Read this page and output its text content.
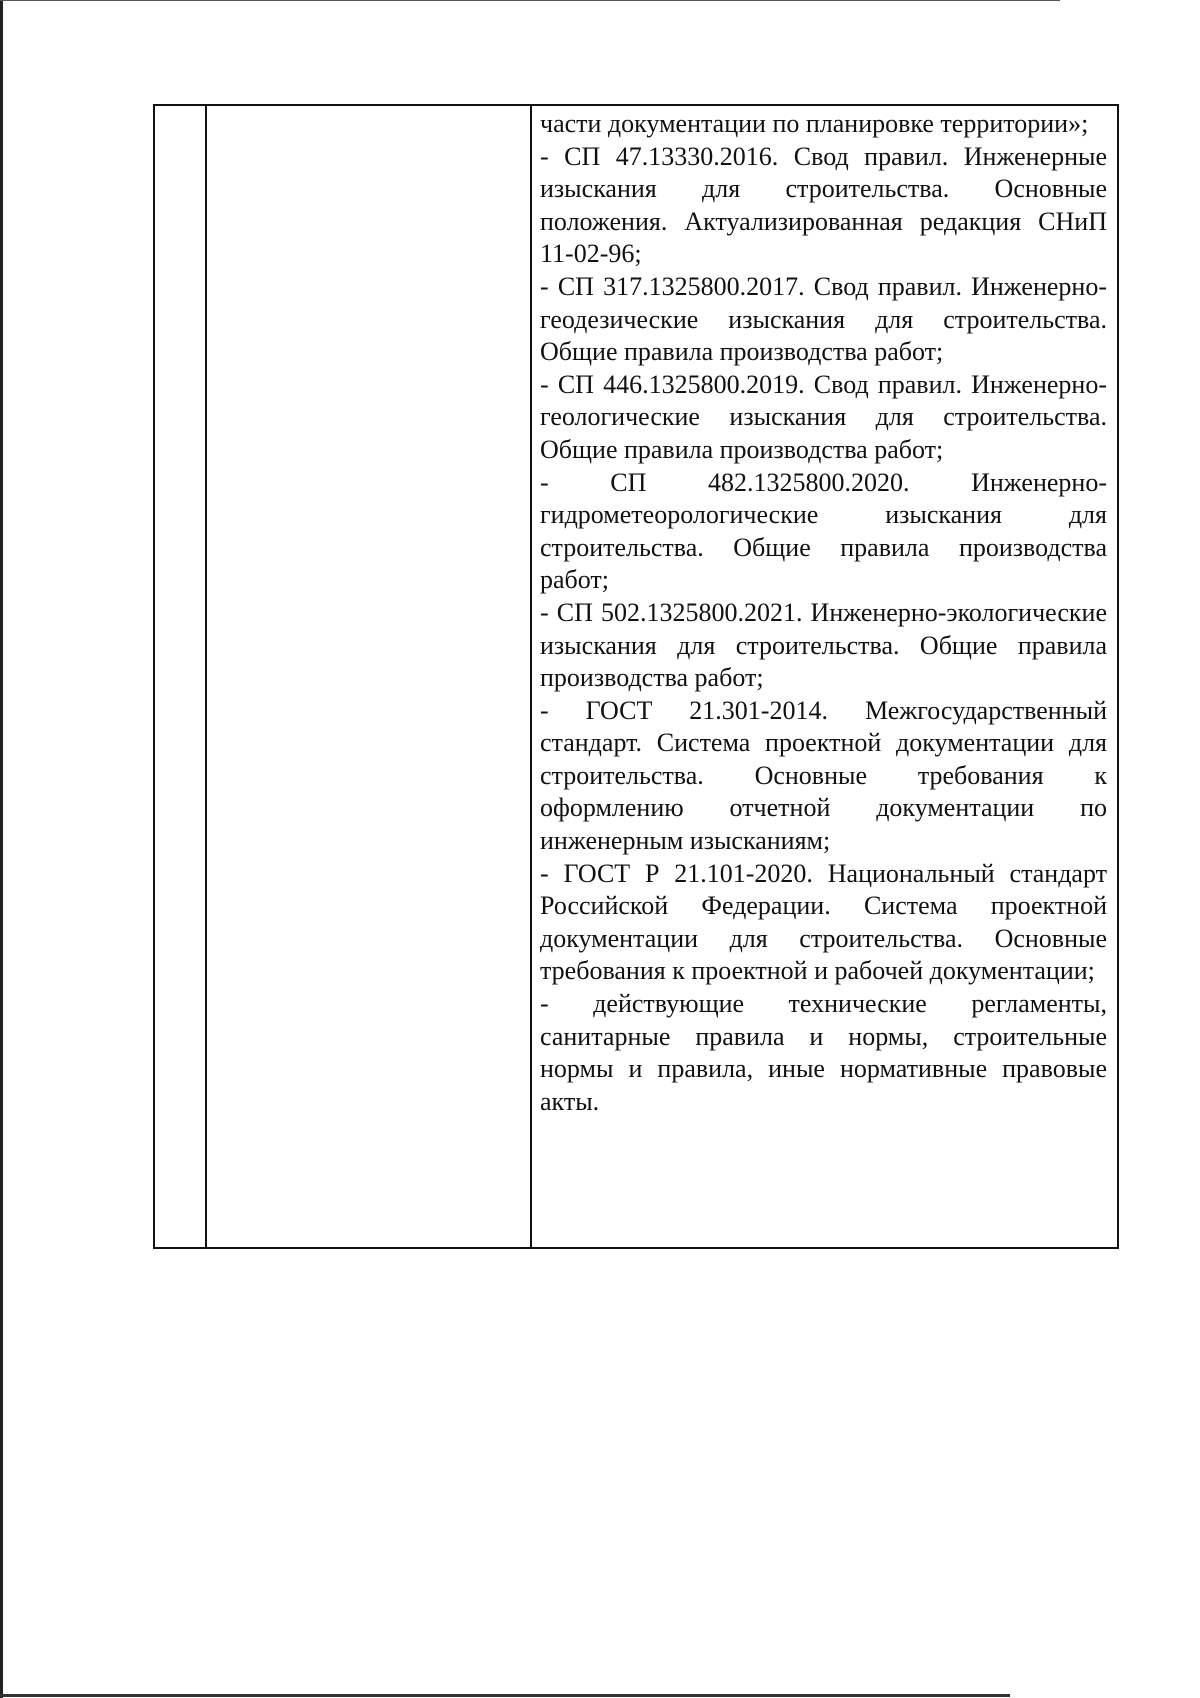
части документации по планировке территории»;

- СП 47.13330.2016. Свод правил. Инженерные изыскания для строительства. Основные положения. Актуализированная редакция СНиП 11-02-96;

- СП 317.1325800.2017. Свод правил. Инженерно-геодезические изыскания для строительства. Общие правила производства работ;

- СП 446.1325800.2019. Свод правил. Инженерно-геологические изыскания для строительства. Общие правила производства работ;

- СП 482.1325800.2020. Инженерно-гидрометеорологические изыскания для строительства. Общие правила производства работ;

- СП 502.1325800.2021. Инженерно-экологические изыскания для строительства. Общие правила производства работ;

- ГОСТ 21.301-2014. Межгосударственный стандарт. Система проектной документации для строительства. Основные требования к оформлению отчетной документации по инженерным изысканиям;

- ГОСТ Р 21.101-2020. Национальный стандарт Российской Федерации. Система проектной документации для строительства. Основные требования к проектной и рабочей документации;

- действующие технические регламенты, санитарные правила и нормы, строительные нормы и правила, иные нормативные правовые акты.
